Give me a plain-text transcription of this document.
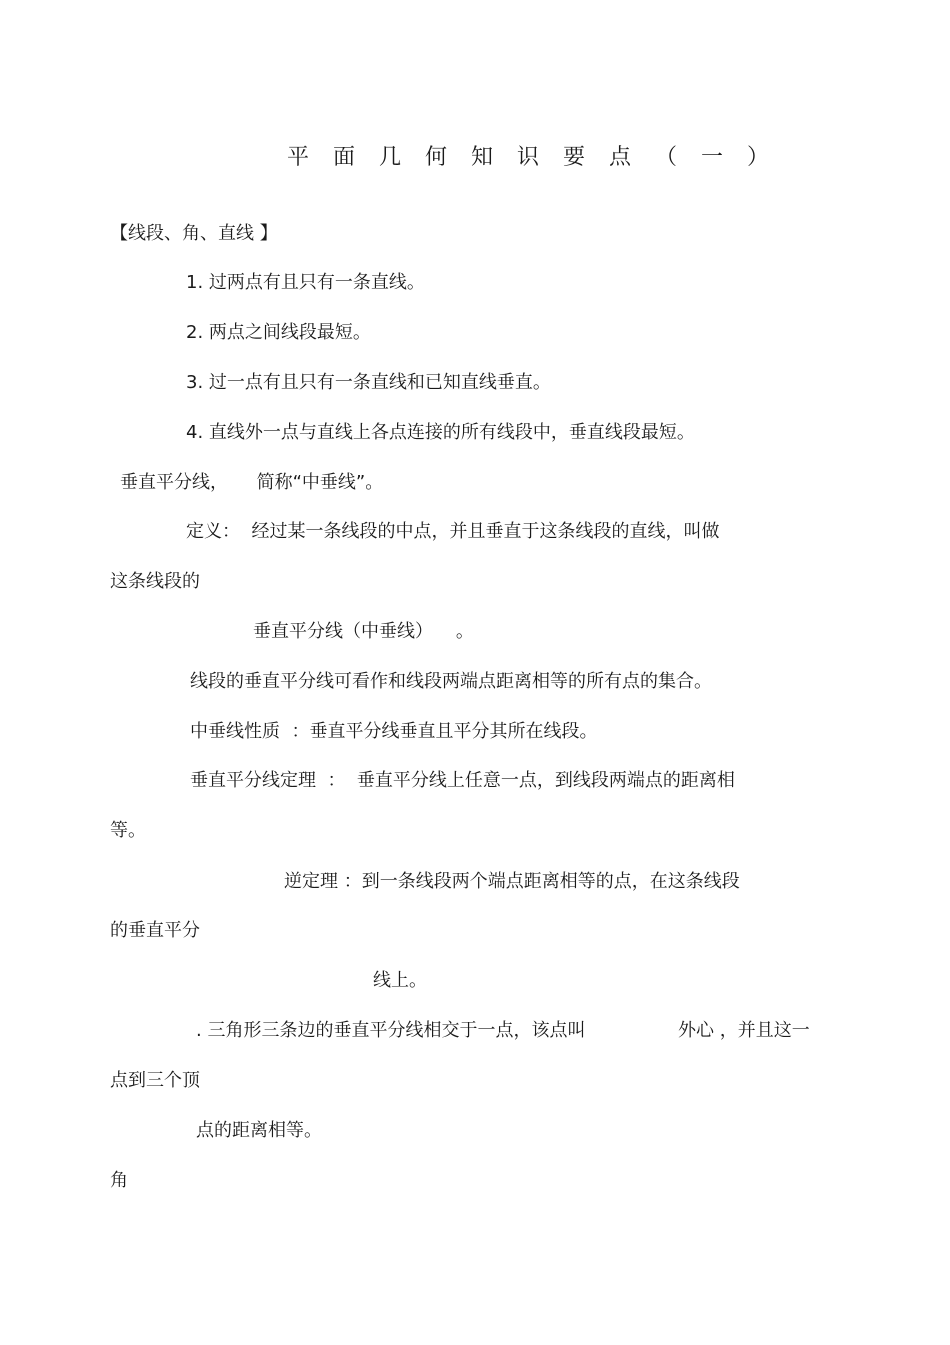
平面几何知识要点（一）

【线段、角、直线 】

1. 过两点有且只有一条直线。

2. 两点之间线段最短。

3. 过一点有且只有一条直线和已知直线垂直。

4. 直线外一点与直线上各点连接的所有线段中，垂直线段最短。

垂直平分线，     简称“中垂线”。

定义：  经过某一条线段的中点，并且垂直于这条线段的直线，叫做

这条线段的

垂直平分线（中垂线）    。

线段的垂直平分线可看作和线段两端点距离相等的所有点的集合。

中垂线性质  ：垂直平分线垂直且平分其所在线段。

垂直平分线定理  ：  垂直平分线上任意一点，到线段两端点的距离相

等。

逆定理 ：到一条线段两个端点距离相等的点，在这条线段

的垂直平分

线上。

. 三角形三条边的垂直平分线相交于一点，该点叫	外心 ，并且这一

点到三个顶

点的距离相等。

角
